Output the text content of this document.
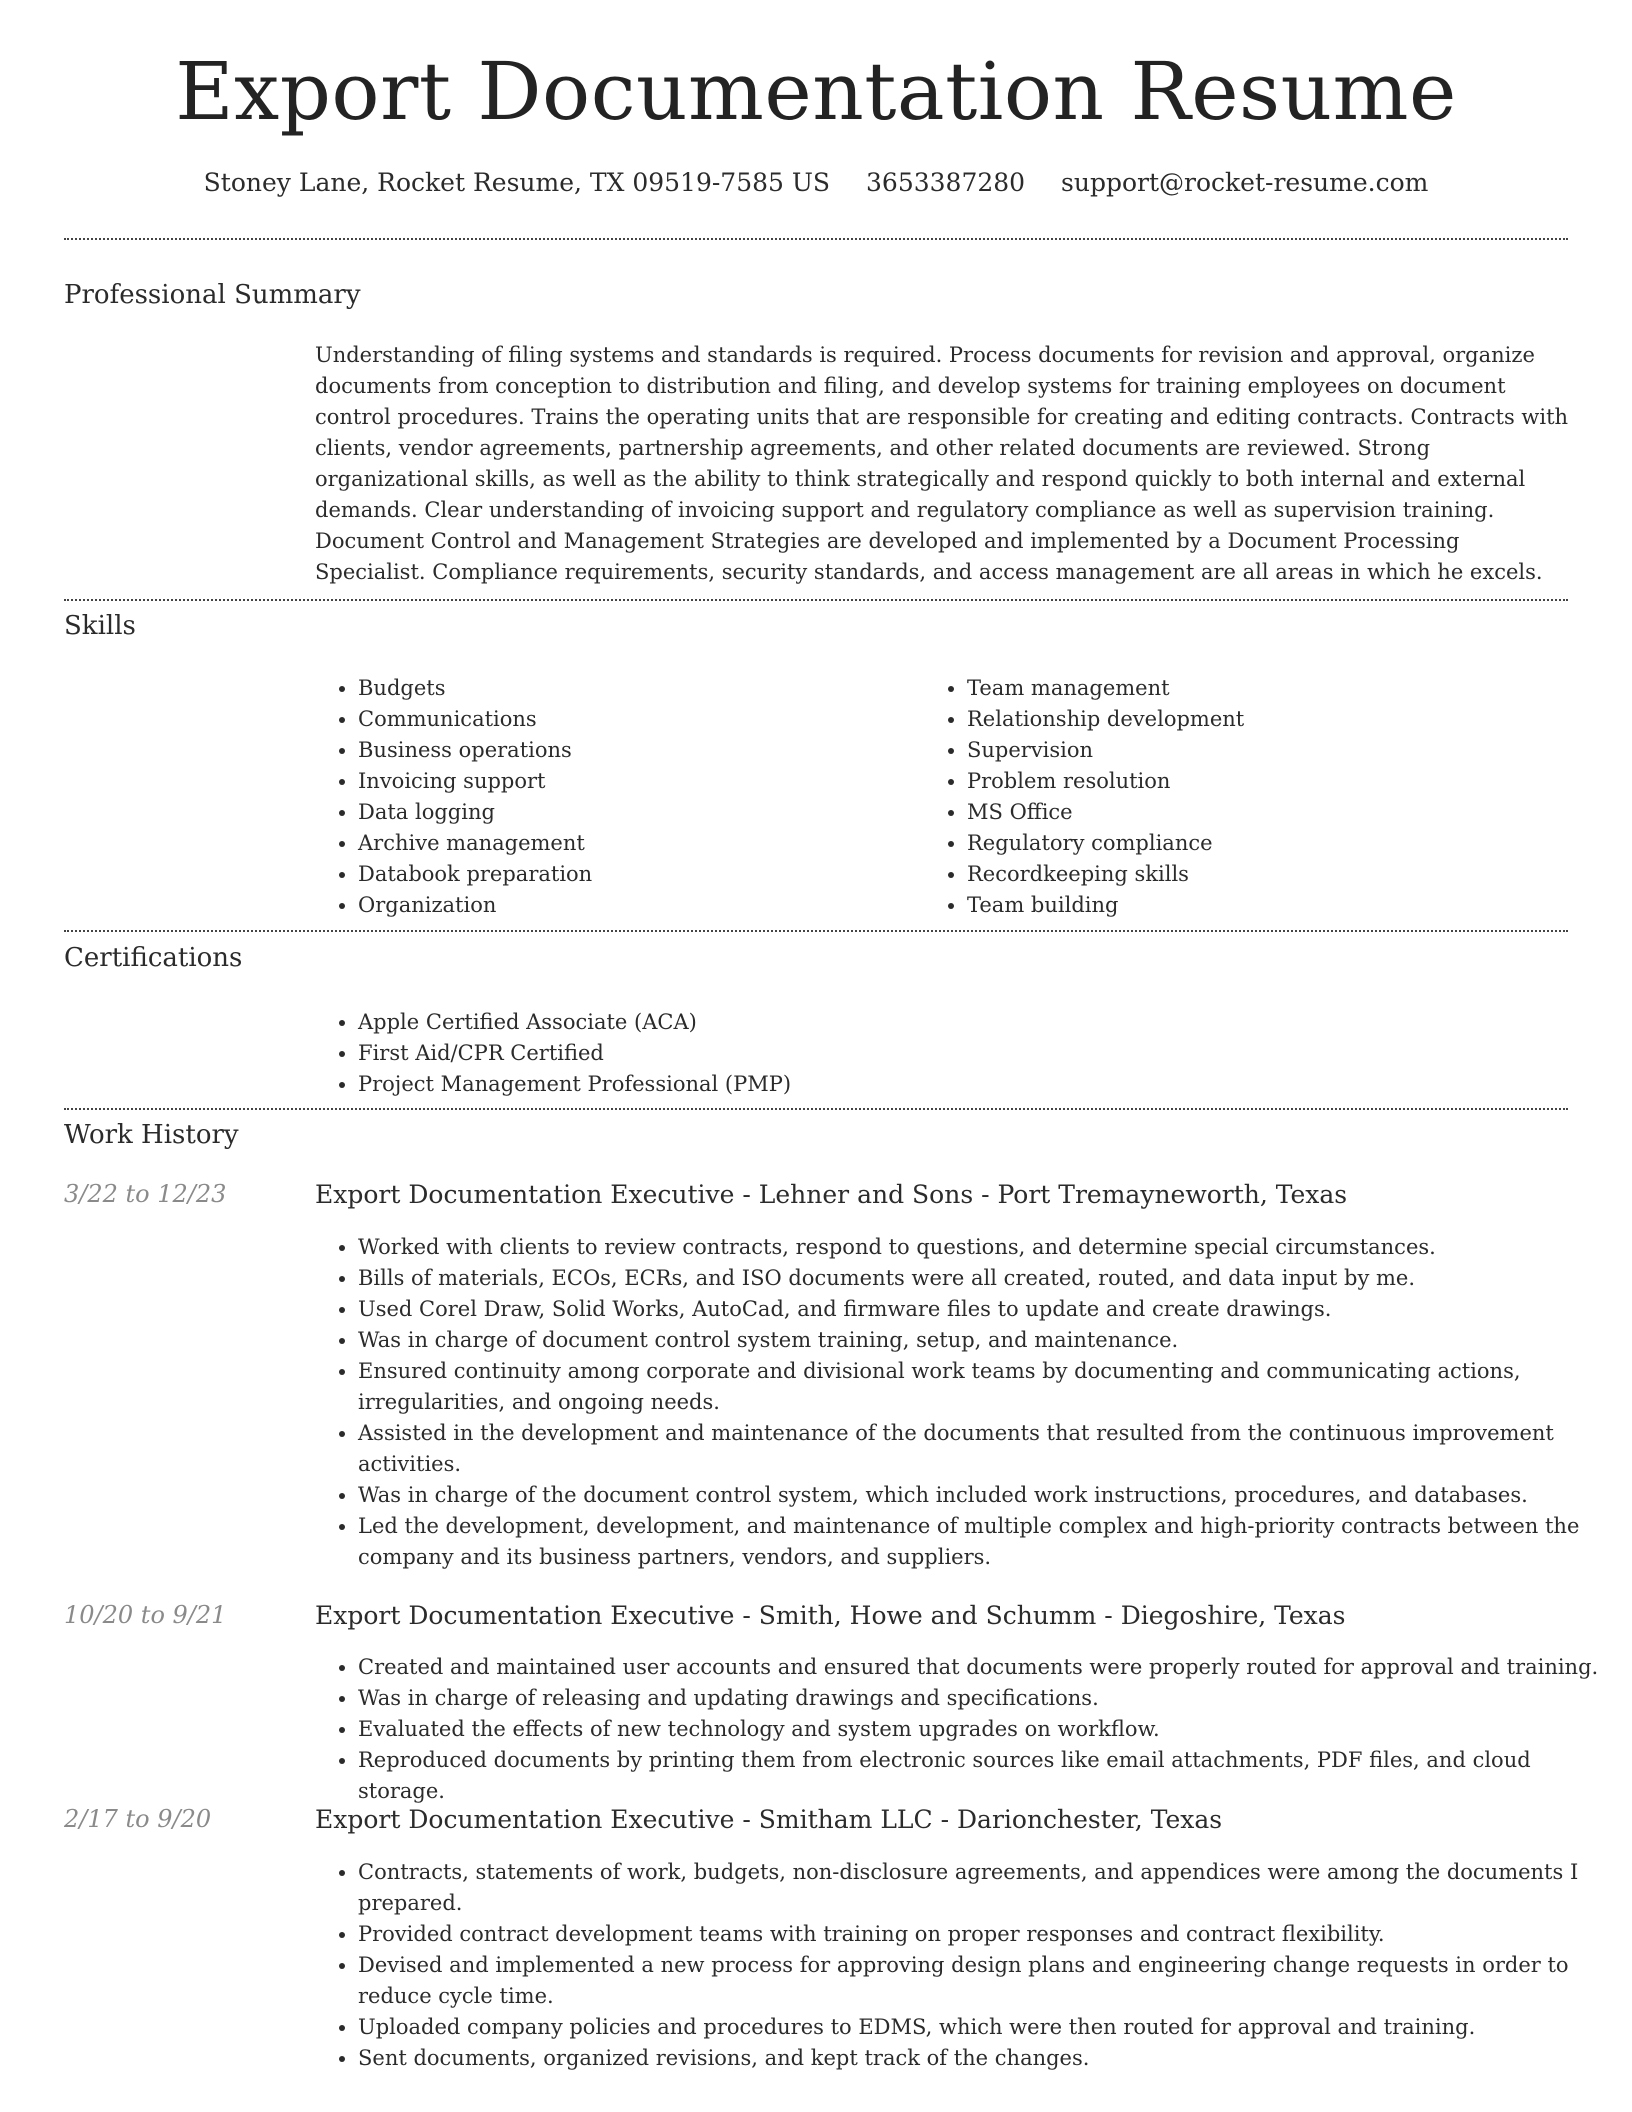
Export Documentation Resume
Stoney Lane, Rocket Resume, TX 09519-7585 US 3653387280 support@rocket-resume.com
Professional Summary

Understanding of filing systems and standards is required. Process documents for revision and approval, organize documents from conception to distribution and filing, and develop systems for training employees on document control procedures. Trains the operating units that are responsible for creating and editing contracts. Contracts with clients, vendor agreements, partnership agreements, and other related documents are reviewed. Strong organizational skills, as well as the ability to think strategically and respond quickly to both internal and external demands. Clear understanding of invoicing support and regulatory compliance as well as supervision training. Document Control and Management Strategies are developed and implemented by a Document Processing Specialist. Compliance requirements, security standards, and access management are all areas in which he excels.

Skills
• Budgets
• Communications
• Business operations
• Invoicing support
• Data logging
• Archive management
• Databook preparation
• Organization
• Team management
• Relationship development
• Supervision
• Problem resolution
• MS Office
• Regulatory compliance
• Recordkeeping skills
• Team building
Certifications
• Apple Certified Associate (ACA)
• First Aid/CPR Certified
• Project Management Professional (PMP)
Work History
3/22 to 12/23	Export Documentation Executive - Lehner and Sons - Port Tremayneworth, Texas
• Worked with clients to review contracts, respond to questions, and determine special circumstances.
• Bills of materials, ECOs, ECRs, and ISO documents were all created, routed, and data input by me.
• Used Corel Draw, Solid Works, AutoCad, and firmware files to update and create drawings.
• Was in charge of document control system training, setup, and maintenance.
• Ensured continuity among corporate and divisional work teams by documenting and communicating actions, irregularities, and ongoing needs.
• Assisted in the development and maintenance of the documents that resulted from the continuous improvement activities.
• Was in charge of the document control system, which included work instructions, procedures, and databases.
• Led the development, development, and maintenance of multiple complex and high-priority contracts between the company and its business partners, vendors, and suppliers.
10/20 to 9/21	Export Documentation Executive - Smith, Howe and Schumm - Diegoshire, Texas
• Created and maintained user accounts and ensured that documents were properly routed for approval and training.
• Was in charge of releasing and updating drawings and specifications.
• Evaluated the effects of new technology and system upgrades on workflow.
• Reproduced documents by printing them from electronic sources like email attachments, PDF files, and cloud storage.
2/17 to 9/20	Export Documentation Executive - Smitham LLC - Darionchester, Texas
• Contracts, statements of work, budgets, non-disclosure agreements, and appendices were among the documents I prepared.
• Provided contract development teams with training on proper responses and contract flexibility.
• Devised and implemented a new process for approving design plans and engineering change requests in order to reduce cycle time.
• Uploaded company policies and procedures to EDMS, which were then routed for approval and training.
• Sent documents, organized revisions, and kept track of the changes.
